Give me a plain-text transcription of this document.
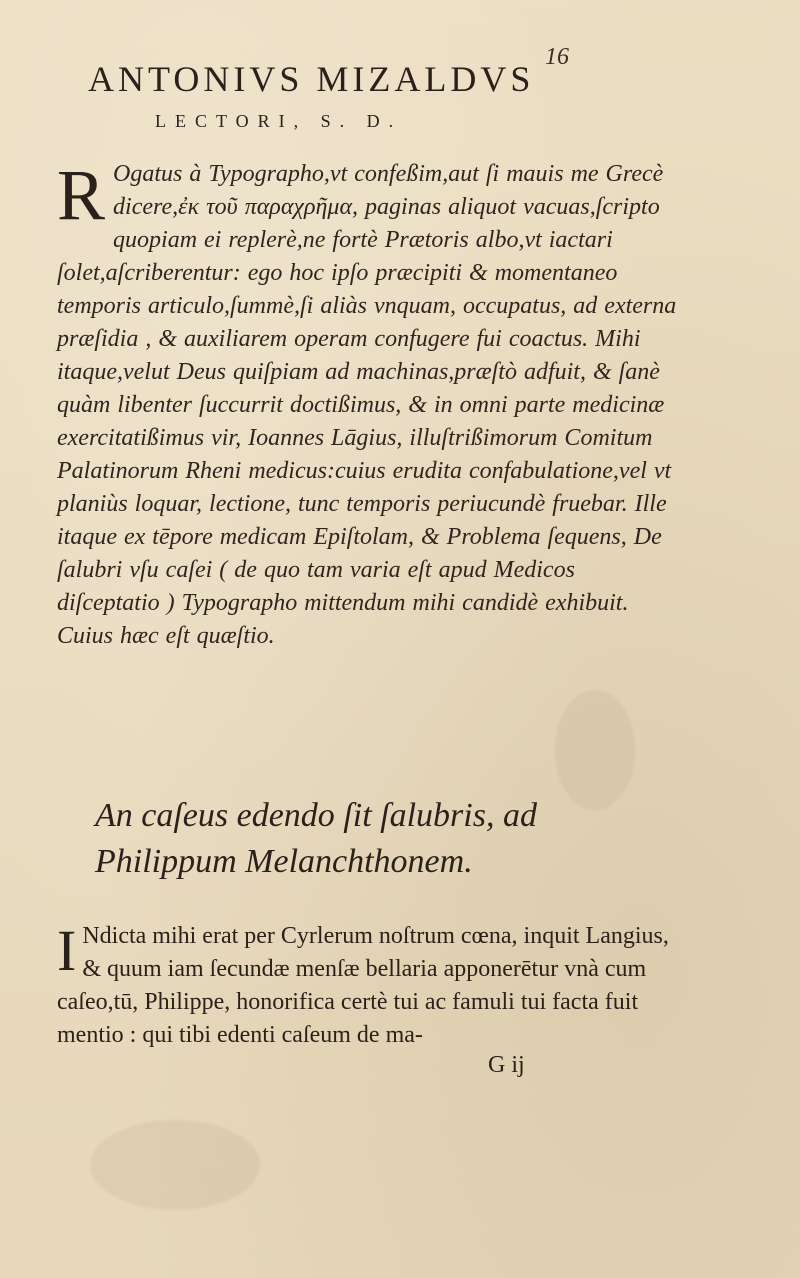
16
ANTONIVS MIZALDVS
LECTORI, S. D.
R Ogatus à Typographo,vt confeßim,aut ſi mauis me Grecè dicere,ἐκ τοῦ παραχρῆμα, paginas aliquot vacuas,ſcripto quopiam ei replerè,ne fortè Prætoris albo,vt iactari ſolet,aſcriberentur: ego hoc ipſo præcipiti & momentaneo temporis articulo,ſummè,ſi aliàs vnquam, occupatus, ad externa præſidia , & auxiliarem operam confugere fui coactus. Mihi itaque,velut Deus quiſpiam ad machinas,præſtò adfuit, & ſanè quàm libenter ſuccurrit doctißimus, & in omni parte medicinæ exercitatißimus vir, Ioannes Lāgius, illuſtrißimorum Comitum Palatinorum Rheni medicus:cuius erudita confabulatione,vel vt planiùs loquar, lectione, tunc temporis periucundè fruebar. Ille itaque ex tēpore medicam Epiſtolam, & Problema ſequens, De ſalubri vſu caſei ( de quo tam varia eſt apud Medicos diſceptatio ) Typographo mittendum mihi candidè exhibuit. Cuius hæc eſt quæſtio.
An caſeus edendo ſit ſalubris, ad
Philippum Melanchthonem.
I Ndicta mihi erat per Cyrlerum noſtrum cœna, inquit Langius, & quum iam ſecundæ menſæ bellaria apponerētur vnà cum caſeo,tū, Philippe, honorifica certè tui ac famuli tui facta fuit mentio : qui tibi edenti caſeum de ma-
G ij
